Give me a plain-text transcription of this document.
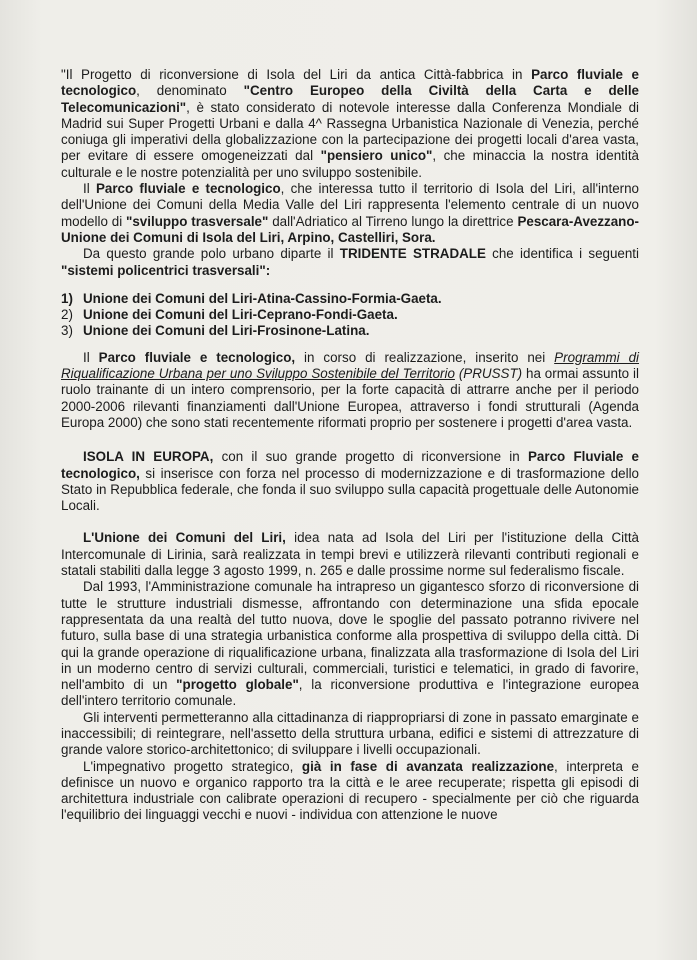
"Il Progetto di riconversione di Isola del Liri da antica Città-fabbrica in Parco fluviale e tecnologico, denominato "Centro Europeo della Civiltà della Carta e delle Telecomunicazioni", è stato considerato di notevole interesse dalla Conferenza Mondiale di Madrid sui Super Progetti Urbani e dalla 4^ Rassegna Urbanistica Nazionale di Venezia, perché coniuga gli imperativi della globalizzazione con la partecipazione dei progetti locali d'area vasta, per evitare di essere omogeneizzati dal "pensiero unico", che minaccia la nostra identità culturale e le nostre potenzialità per uno sviluppo sostenibile.

Il Parco fluviale e tecnologico, che interessa tutto il territorio di Isola del Liri, all'interno dell'Unione dei Comuni della Media Valle del Liri rappresenta l'elemento centrale di un nuovo modello di "sviluppo trasversale" dall'Adriatico al Tirreno lungo la direttrice Pescara-Avezzano-Unione dei Comuni di Isola del Liri, Arpino, Castelliri, Sora.

Da questo grande polo urbano diparte il TRIDENTE STRADALE che identifica i seguenti "sistemi policentrici trasversali":

1) Unione dei Comuni del Liri-Atina-Cassino-Formia-Gaeta.
2) Unione dei Comuni del Liri-Ceprano-Fondi-Gaeta.
3) Unione dei Comuni del Liri-Frosinone-Latina.

Il Parco fluviale e tecnologico, in corso di realizzazione, inserito nei Programmi di Riqualificazione Urbana per uno Sviluppo Sostenibile del Territorio (PRUSST) ha ormai assunto il ruolo trainante di un intero comprensorio, per la forte capacità di attrarre anche per il periodo 2000-2006 rilevanti finanziamenti dall'Unione Europea, attraverso i fondi strutturali (Agenda Europa 2000) che sono stati recentemente riformati proprio per sostenere i progetti d'area vasta.

ISOLA IN EUROPA, con il suo grande progetto di riconversione in Parco Fluviale e tecnologico, si inserisce con forza nel processo di modernizzazione e di trasformazione dello Stato in Repubblica federale, che fonda il suo sviluppo sulla capacità progettuale delle Autonomie Locali.

L'Unione dei Comuni del Liri, idea nata ad Isola del Liri per l'istituzione della Città Intercomunale di Lirinia, sarà realizzata in tempi brevi e utilizzerà rilevanti contributi regionali e statali stabiliti dalla legge 3 agosto 1999, n. 265 e dalle prossime norme sul federalismo fiscale.

Dal 1993, l'Amministrazione comunale ha intrapreso un gigantesco sforzo di riconversione di tutte le strutture industriali dismesse, affrontando con determinazione una sfida epocale rappresentata da una realtà del tutto nuova, dove le spoglie del passato potranno rivivere nel futuro, sulla base di una strategia urbanistica conforme alla prospettiva di sviluppo della città. Di qui la grande operazione di riqualificazione urbana, finalizzata alla trasformazione di Isola del Liri in un moderno centro di servizi culturali, commerciali, turistici e telematici, in grado di favorire, nell'ambito di un "progetto globale", la riconversione produttiva e l'integrazione europea dell'intero territorio comunale.

Gli interventi permetteranno alla cittadinanza di riappropriarsi di zone in passato emarginate e inaccessibili; di reintegrare, nell'assetto della struttura urbana, edifici e sistemi di attrezzature di grande valore storico-architettonico; di sviluppare i livelli occupazionali.

L'impegnativo progetto strategico, già in fase di avanzata realizzazione, interpreta e definisce un nuovo e organico rapporto tra la città e le aree recuperate; rispetta gli episodi di architettura industriale con calibrate operazioni di recupero - specialmente per ciò che riguarda l'equilibrio dei linguaggi vecchi e nuovi - individua con attenzione le nuove
